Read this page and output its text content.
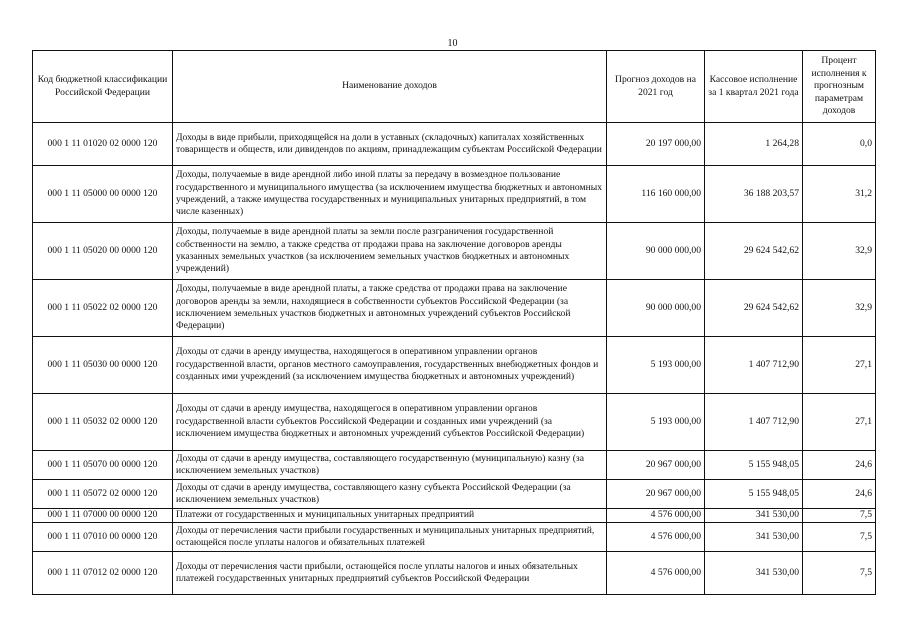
10
Код бюджетной классификации Российской Федерации	Наименование доходов	Прогноз доходов на 2021 год	Кассовое исполнение за 1 квартал 2021 года	Процент исполнения к прогнозным параметрам доходов
000 1 11 01020 02 0000 120	Доходы в виде прибыли, приходящейся на доли в уставных (складочных) капиталах хозяйственных товариществ и обществ, или дивидендов по акциям, принадлежащим субъектам Российской Федерации	20 197 000,00	1 264,28	0,0
000 1 11 05000 00 0000 120	Доходы, получаемые в виде арендной либо иной платы за передачу в возмездное пользование государственного и муниципального имущества (за исключением имущества бюджетных и автономных учреждений, а также имущества государственных и муниципальных унитарных предприятий, в том числе казенных)	116 160 000,00	36 188 203,57	31,2
000 1 11 05020 00 0000 120	Доходы, получаемые в виде арендной платы за земли после разграничения государственной собственности на землю, а также средства от продажи права на заключение договоров аренды указанных земельных участков (за исключением земельных участков бюджетных и автономных учреждений)	90 000 000,00	29 624 542,62	32,9
000 1 11 05022 02 0000 120	Доходы, получаемые в виде арендной платы, а также средства от продажи права на заключение договоров аренды за земли, находящиеся в собственности субъектов Российской Федерации (за исключением земельных участков бюджетных и автономных учреждений субъектов Российской Федерации)	90 000 000,00	29 624 542,62	32,9
000 1 11 05030 00 0000 120	Доходы от сдачи в аренду имущества, находящегося в оперативном управлении органов государственной власти, органов местного самоуправления, государственных внебюджетных фондов и созданных ими учреждений (за исключением имущества бюджетных и автономных учреждений)	5 193 000,00	1 407 712,90	27,1
000 1 11 05032 02 0000 120	Доходы от сдачи в аренду имущества, находящегося в оперативном управлении органов государственной власти субъектов Российской Федерации и созданных ими учреждений (за исключением имущества бюджетных и автономных учреждений субъектов Российской Федерации)	5 193 000,00	1 407 712,90	27,1
000 1 11 05070 00 0000 120	Доходы от сдачи в аренду имущества, составляющего государственную (муниципальную) казну (за исключением земельных участков)	20 967 000,00	5 155 948,05	24,6
000 1 11 05072 02 0000 120	Доходы от сдачи в аренду имущества, составляющего казну субъекта Российской Федерации (за исключением земельных участков)	20 967 000,00	5 155 948,05	24,6
000 1 11 07000 00 0000 120	Платежи от государственных и муниципальных унитарных предприятий	4 576 000,00	341 530,00	7,5
000 1 11 07010 00 0000 120	Доходы от перечисления части прибыли государственных и муниципальных унитарных предприятий, остающейся после уплаты налогов и обязательных платежей	4 576 000,00	341 530,00	7,5
000 1 11 07012 02 0000 120	Доходы от перечисления части прибыли, остающейся после уплаты налогов и иных обязательных платежей государственных унитарных предприятий субъектов Российской Федерации	4 576 000,00	341 530,00	7,5
